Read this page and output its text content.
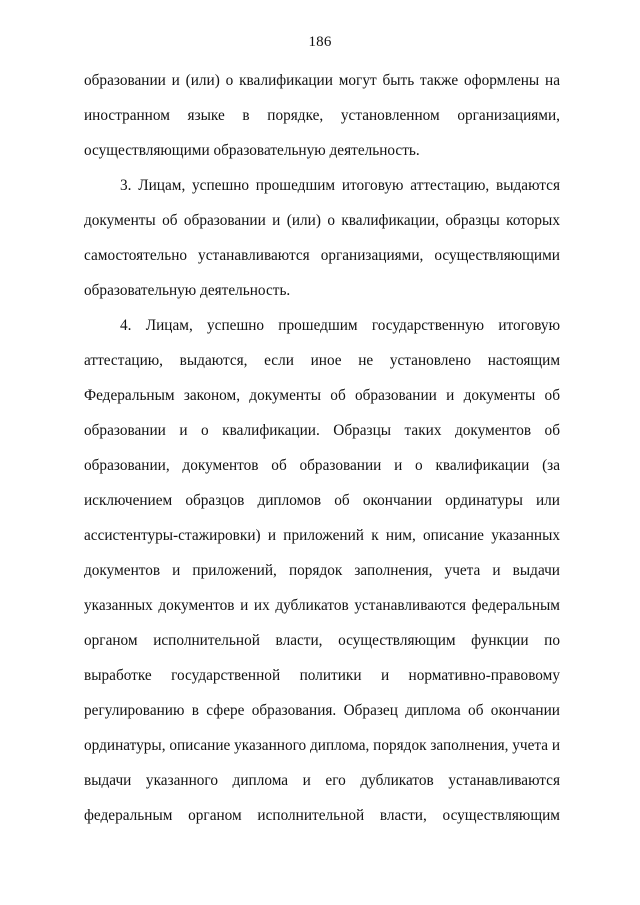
186
образовании и (или) о квалификации могут быть также оформлены на
иностранном языке в порядке, установленном организациями,
осуществляющими образовательную деятельность.
3. Лицам, успешно прошедшим итоговую аттестацию, выдаются
документы об образовании и (или) о квалификации, образцы которых
самостоятельно устанавливаются организациями, осуществляющими
образовательную деятельность.
4. Лицам, успешно прошедшим государственную итоговую
аттестацию, выдаются, если иное не установлено настоящим
Федеральным законом, документы об образовании и документы об
образовании и о квалификации. Образцы таких документов об
образовании, документов об образовании и о квалификации (за
исключением образцов дипломов об окончании ординатуры или
ассистентуры-стажировки) и приложений к ним, описание указанных
документов и приложений, порядок заполнения, учета и выдачи
указанных документов и их дубликатов устанавливаются федеральным
органом исполнительной власти, осуществляющим функции по
выработке государственной политики и нормативно-правовому
регулированию в сфере образования. Образец диплома об окончании
ординатуры, описание указанного диплома, порядок заполнения, учета и
выдачи указанного диплома и его дубликатов устанавливаются
федеральным органом исполнительной власти, осуществляющим
